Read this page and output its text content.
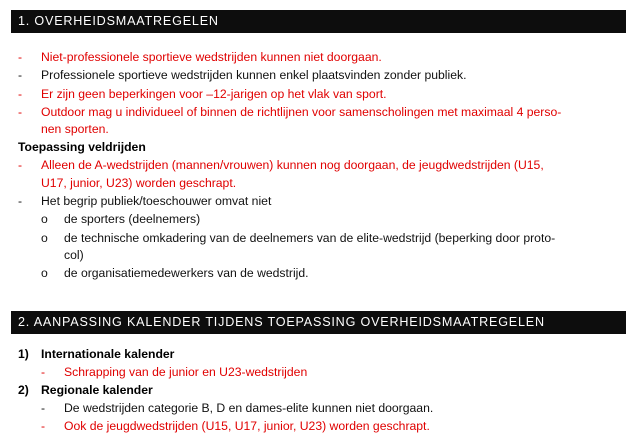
1. OVERHEIDSMAATREGELEN
- Niet-professionele sportieve wedstrijden kunnen niet doorgaan.
- Professionele sportieve wedstrijden kunnen enkel plaatsvinden zonder publiek.
- Er zijn geen beperkingen voor –12-jarigen op het vlak van sport.
- Outdoor mag u individueel of binnen de richtlijnen voor samenscholingen met maximaal 4 perso-
nen sporten.
Toepassing veldrijden
- Alleen de A-wedstrijden (mannen/vrouwen) kunnen nog doorgaan, de jeugdwedstrijden (U15,
U17, junior, U23) worden geschrapt.
- Het begrip publiek/toeschouwer omvat niet
o de sporters (deelnemers)
o de technische omkadering van de deelnemers van de elite-wedstrijd (beperking door proto-
col)
o de organisatiemedewerkers van de wedstrijd.
2. AANPASSING KALENDER TIJDENS TOEPASSING OVERHEIDSMAATREGELEN
1) Internationale kalender
- Schrapping van de junior en U23-wedstrijden
2) Regionale kalender
- De wedstrijden categorie B, D en dames-elite kunnen niet doorgaan.
- Ook de jeugdwedstrijden (U15, U17, junior, U23) worden geschrapt.
